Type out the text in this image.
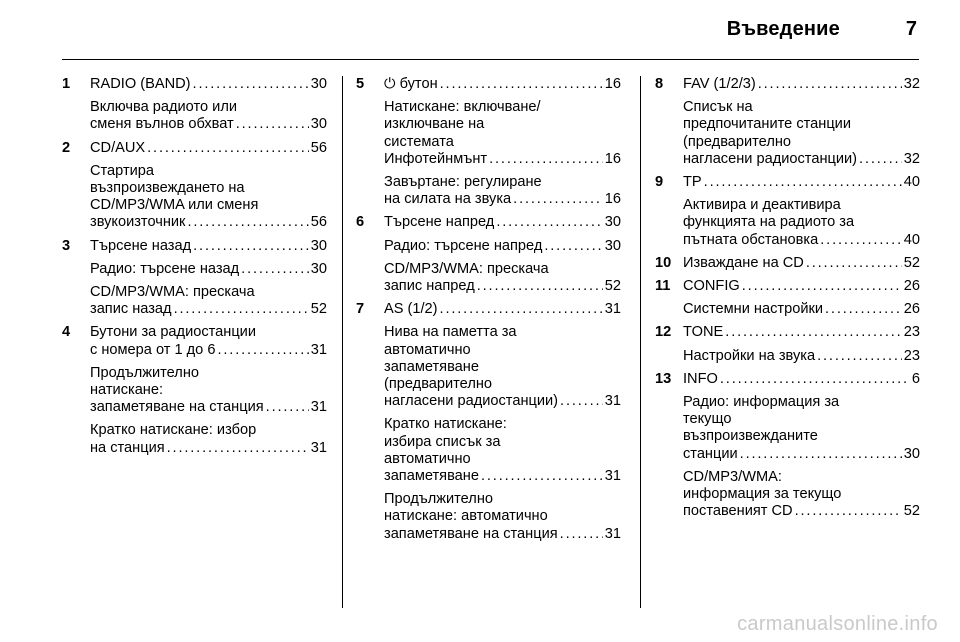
Въведение	7
1 RADIO (BAND) . . .	30
Включва радиото или
сменя вълнов обхват . . .	30
2 CD/AUX . . .	56
Стартира
възпроизвеждането на
CD/MP3/WMA или сменя
звукоизточник . . .	56
3 Търсене назад . . .	30
Радио: търсене назад . . .	30
CD/MP3/WMA: прескача
запис назад . . .	52
4 Бутони за радиостанции
с номера от 1 до 6 . . .	31
Продължително
натискане:
запаметяване на станция . . .	31
Кратко натискане: избор
на станция . . .	31
5 ⏻ бутон . . .	16
Натискане: включване/
изключване на
системата
Инфотейнмънт . . .	16
Завъртане: регулиране
на силата на звука . . .	16
6 Търсене напред . . .	30
Радио: търсене напред . . .	30
CD/MP3/WMA: прескача
запис напред . . .	52
7 AS (1/2) . . .	31
Нива на паметта за
автоматично
запаметяване
(предварително
нагласени радиостанции) . . .	31
Кратко натискане:
избира списък за
автоматично
запаметяване . . .	31
Продължително
натискане: автоматично
запаметяване на станция . . .	31
8 FAV (1/2/3) . . .	32
Списък на
предпочитаните станции
(предварително
нагласени радиостанции) . . .	32
9 TP . . .	40
Активира и деактивира
функцията на радиото за
пътната обстановка . . .	40
10 Изваждане на CD . . .	52
11 CONFIG . . .	26
Системни настройки . . .	26
12 TONE . . .	23
Настройки на звука . . .	23
13 INFO . . .	6
Радио: информация за
текущо
възпроизвежданите
станции . . .	30
CD/MP3/WMA:
информация за текущо
поставеният CD . . .	52
carmanualsonline.info
